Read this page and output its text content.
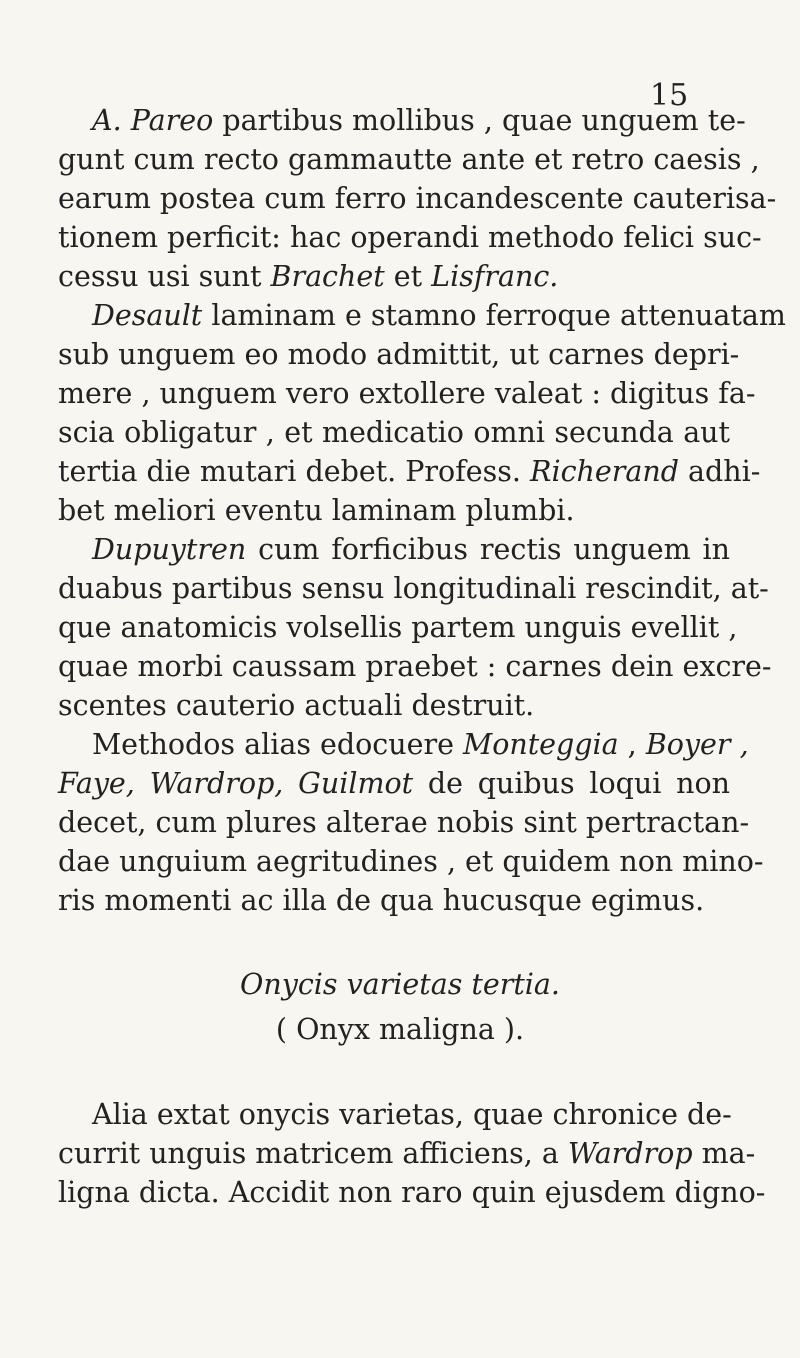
15
A. Pareo partibus mollibus , quae unguem te-
gunt cum recto gammautte ante et retro caesis ,
earum postea cum ferro incandescente cauterisa-
tionem perficit: hac operandi methodo felici suc-
cessu usi sunt Brachet et Lisfranc.
Desault laminam e stamno ferroque attenuatam
sub unguem eo modo admittit, ut carnes depri-
mere , unguem vero extollere valeat : digitus fa-
scia obligatur , et medicatio omni secunda aut
tertia die mutari debet. Profess. Richerand adhi-
bet meliori eventu laminam plumbi.
Dupuytren cum forficibus rectis unguem in
duabus partibus sensu longitudinali rescindit, at-
que anatomicis volsellis partem unguis evellit ,
quae morbi caussam praebet : carnes dein excre-
scentes cauterio actuali destruit.
Methodos alias edocuere Monteggia , Boyer ,
Faye, Wardrop, Guilmot de quibus loqui non
decet, cum plures alterae nobis sint pertractan-
dae unguium aegritudines , et quidem non mino-
ris momenti ac illa de qua hucusque egimus.
Onycis varietas tertia.
( Onyx maligna ).
Alia extat onycis varietas, quae chronice de-
currit unguis matricem afficiens, a Wardrop ma-
ligna dicta. Accidit non raro quin ejusdem digno-
